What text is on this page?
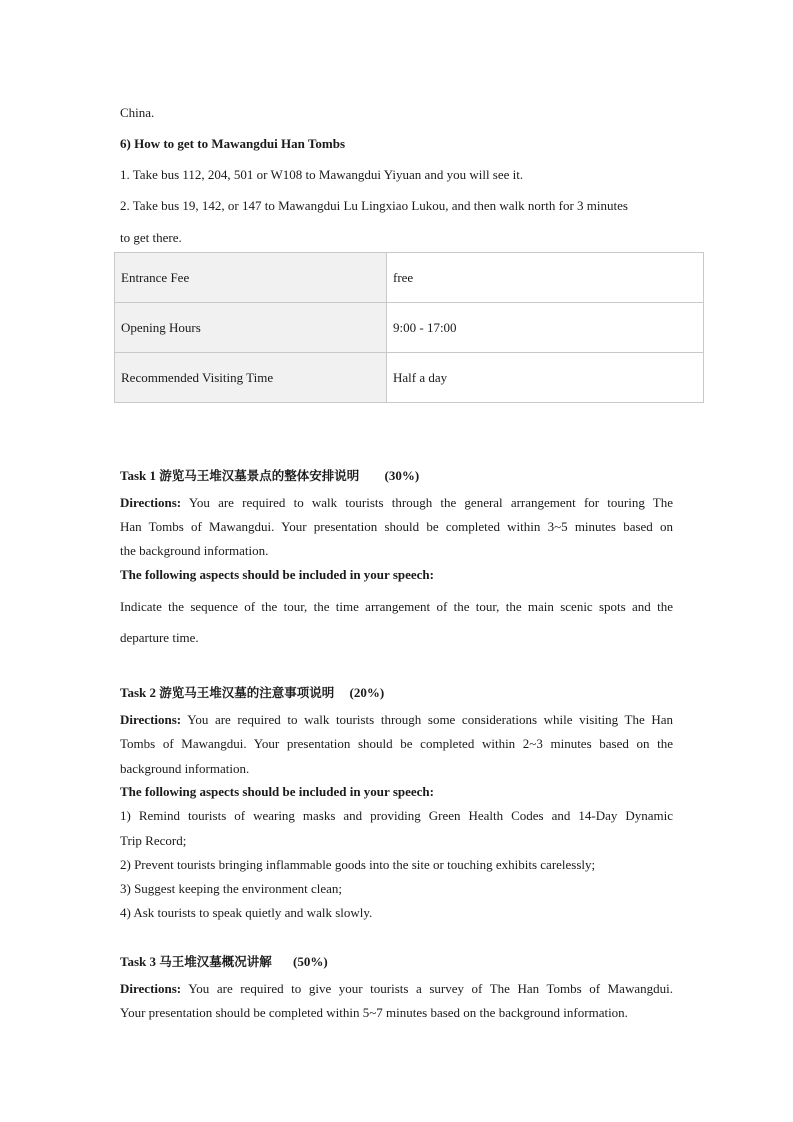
China.
6) How to get to Mawangdui Han Tombs
1. Take bus 112, 204, 501 or W108 to Mawangdui Yiyuan and you will see it.
2. Take bus 19, 142, or 147 to Mawangdui Lu Lingxiao Lukou, and then walk north for 3 minutes
to get there.
Entrance Fee	free
Opening Hours	9:00 - 17:00
Recommended Visiting Time	Half a day
Task 1 游览马王堆汉墓景点的整体安排说明 (30%)
Directions: You are required to walk tourists through the general arrangement for touring The
Han Tombs of Mawangdui. Your presentation should be completed within 3~5 minutes based on
the background information.
The following aspects should be included in your speech:
Indicate the sequence of the tour, the time arrangement of the tour, the main scenic spots and the
departure time.
Task 2 游览马王堆汉墓的注意事项说明 (20%)
Directions: You are required to walk tourists through some considerations while visiting The Han
Tombs of Mawangdui. Your presentation should be completed within 2~3 minutes based on the
background information.
The following aspects should be included in your speech:
1) Remind tourists of wearing masks and providing Green Health Codes and 14-Day Dynamic
Trip Record;
2) Prevent tourists bringing inflammable goods into the site or touching exhibits carelessly;
3) Suggest keeping the environment clean;
4) Ask tourists to speak quietly and walk slowly.
Task 3 马王堆汉墓概况讲解 (50%)
Directions: You are required to give your tourists a survey of The Han Tombs of Mawangdui.
Your presentation should be completed within 5~7 minutes based on the background information.
